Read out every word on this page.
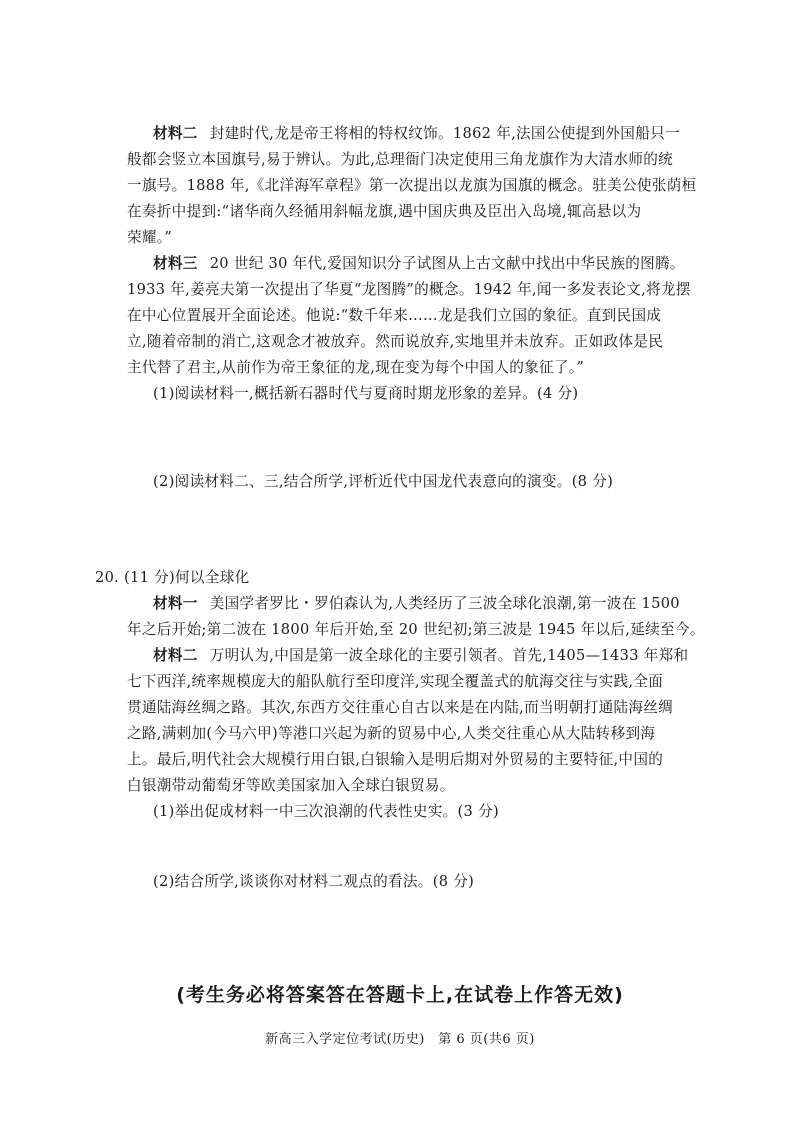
材料二 封建时代,龙是帝王将相的特权纹饰。1862 年,法国公使提到外国船只一
般都会竖立本国旗号,易于辨认。为此,总理衙门决定使用三角龙旗作为大清水师的统
一旗号。1888 年,《北洋海军章程》第一次提出以龙旗为国旗的概念。驻美公使张荫桓
在奏折中提到:“诸华商久经循用斜幅龙旗,遇中国庆典及臣出入岛境,辄高悬以为
荣耀。”
材料三 20 世纪 30 年代,爱国知识分子试图从上古文献中找出中华民族的图腾。
1933 年,姜亮夫第一次提出了华夏“龙图腾”的概念。1942 年,闻一多发表论文,将龙摆
在中心位置展开全面论述。他说:“数千年来……龙是我们立国的象征。直到民国成
立,随着帝制的消亡,这观念才被放弃。然而说放弃,实地里并未放弃。正如政体是民
主代替了君主,从前作为帝王象征的龙,现在变为每个中国人的象征了。”
(1)阅读材料一,概括新石器时代与夏商时期龙形象的差异。(4 分)
(2)阅读材料二、三,结合所学,评析近代中国龙代表意向的演变。(8 分)
20. (11 分)何以全球化
材料一 美国学者罗比・罗伯森认为,人类经历了三波全球化浪潮,第一波在 1500
年之后开始;第二波在 1800 年后开始,至 20 世纪初;第三波是 1945 年以后,延续至今。
材料二 万明认为,中国是第一波全球化的主要引领者。首先,1405—1433 年郑和
七下西洋,统率规模庞大的船队航行至印度洋,实现全覆盖式的航海交往与实践,全面
贯通陆海丝绸之路。其次,东西方交往重心自古以来是在内陆,而当明朝打通陆海丝绸
之路,满剌加(今马六甲)等港口兴起为新的贸易中心,人类交往重心从大陆转移到海
上。最后,明代社会大规模行用白银,白银输入是明后期对外贸易的主要特征,中国的
白银潮带动葡萄牙等欧美国家加入全球白银贸易。
(1)举出促成材料一中三次浪潮的代表性史实。(3 分)
(2)结合所学,谈谈你对材料二观点的看法。(8 分)
(考生务必将答案答在答题卡上,在试卷上作答无效)
新高三入学定位考试(历史)　第 6 页(共6 页)
